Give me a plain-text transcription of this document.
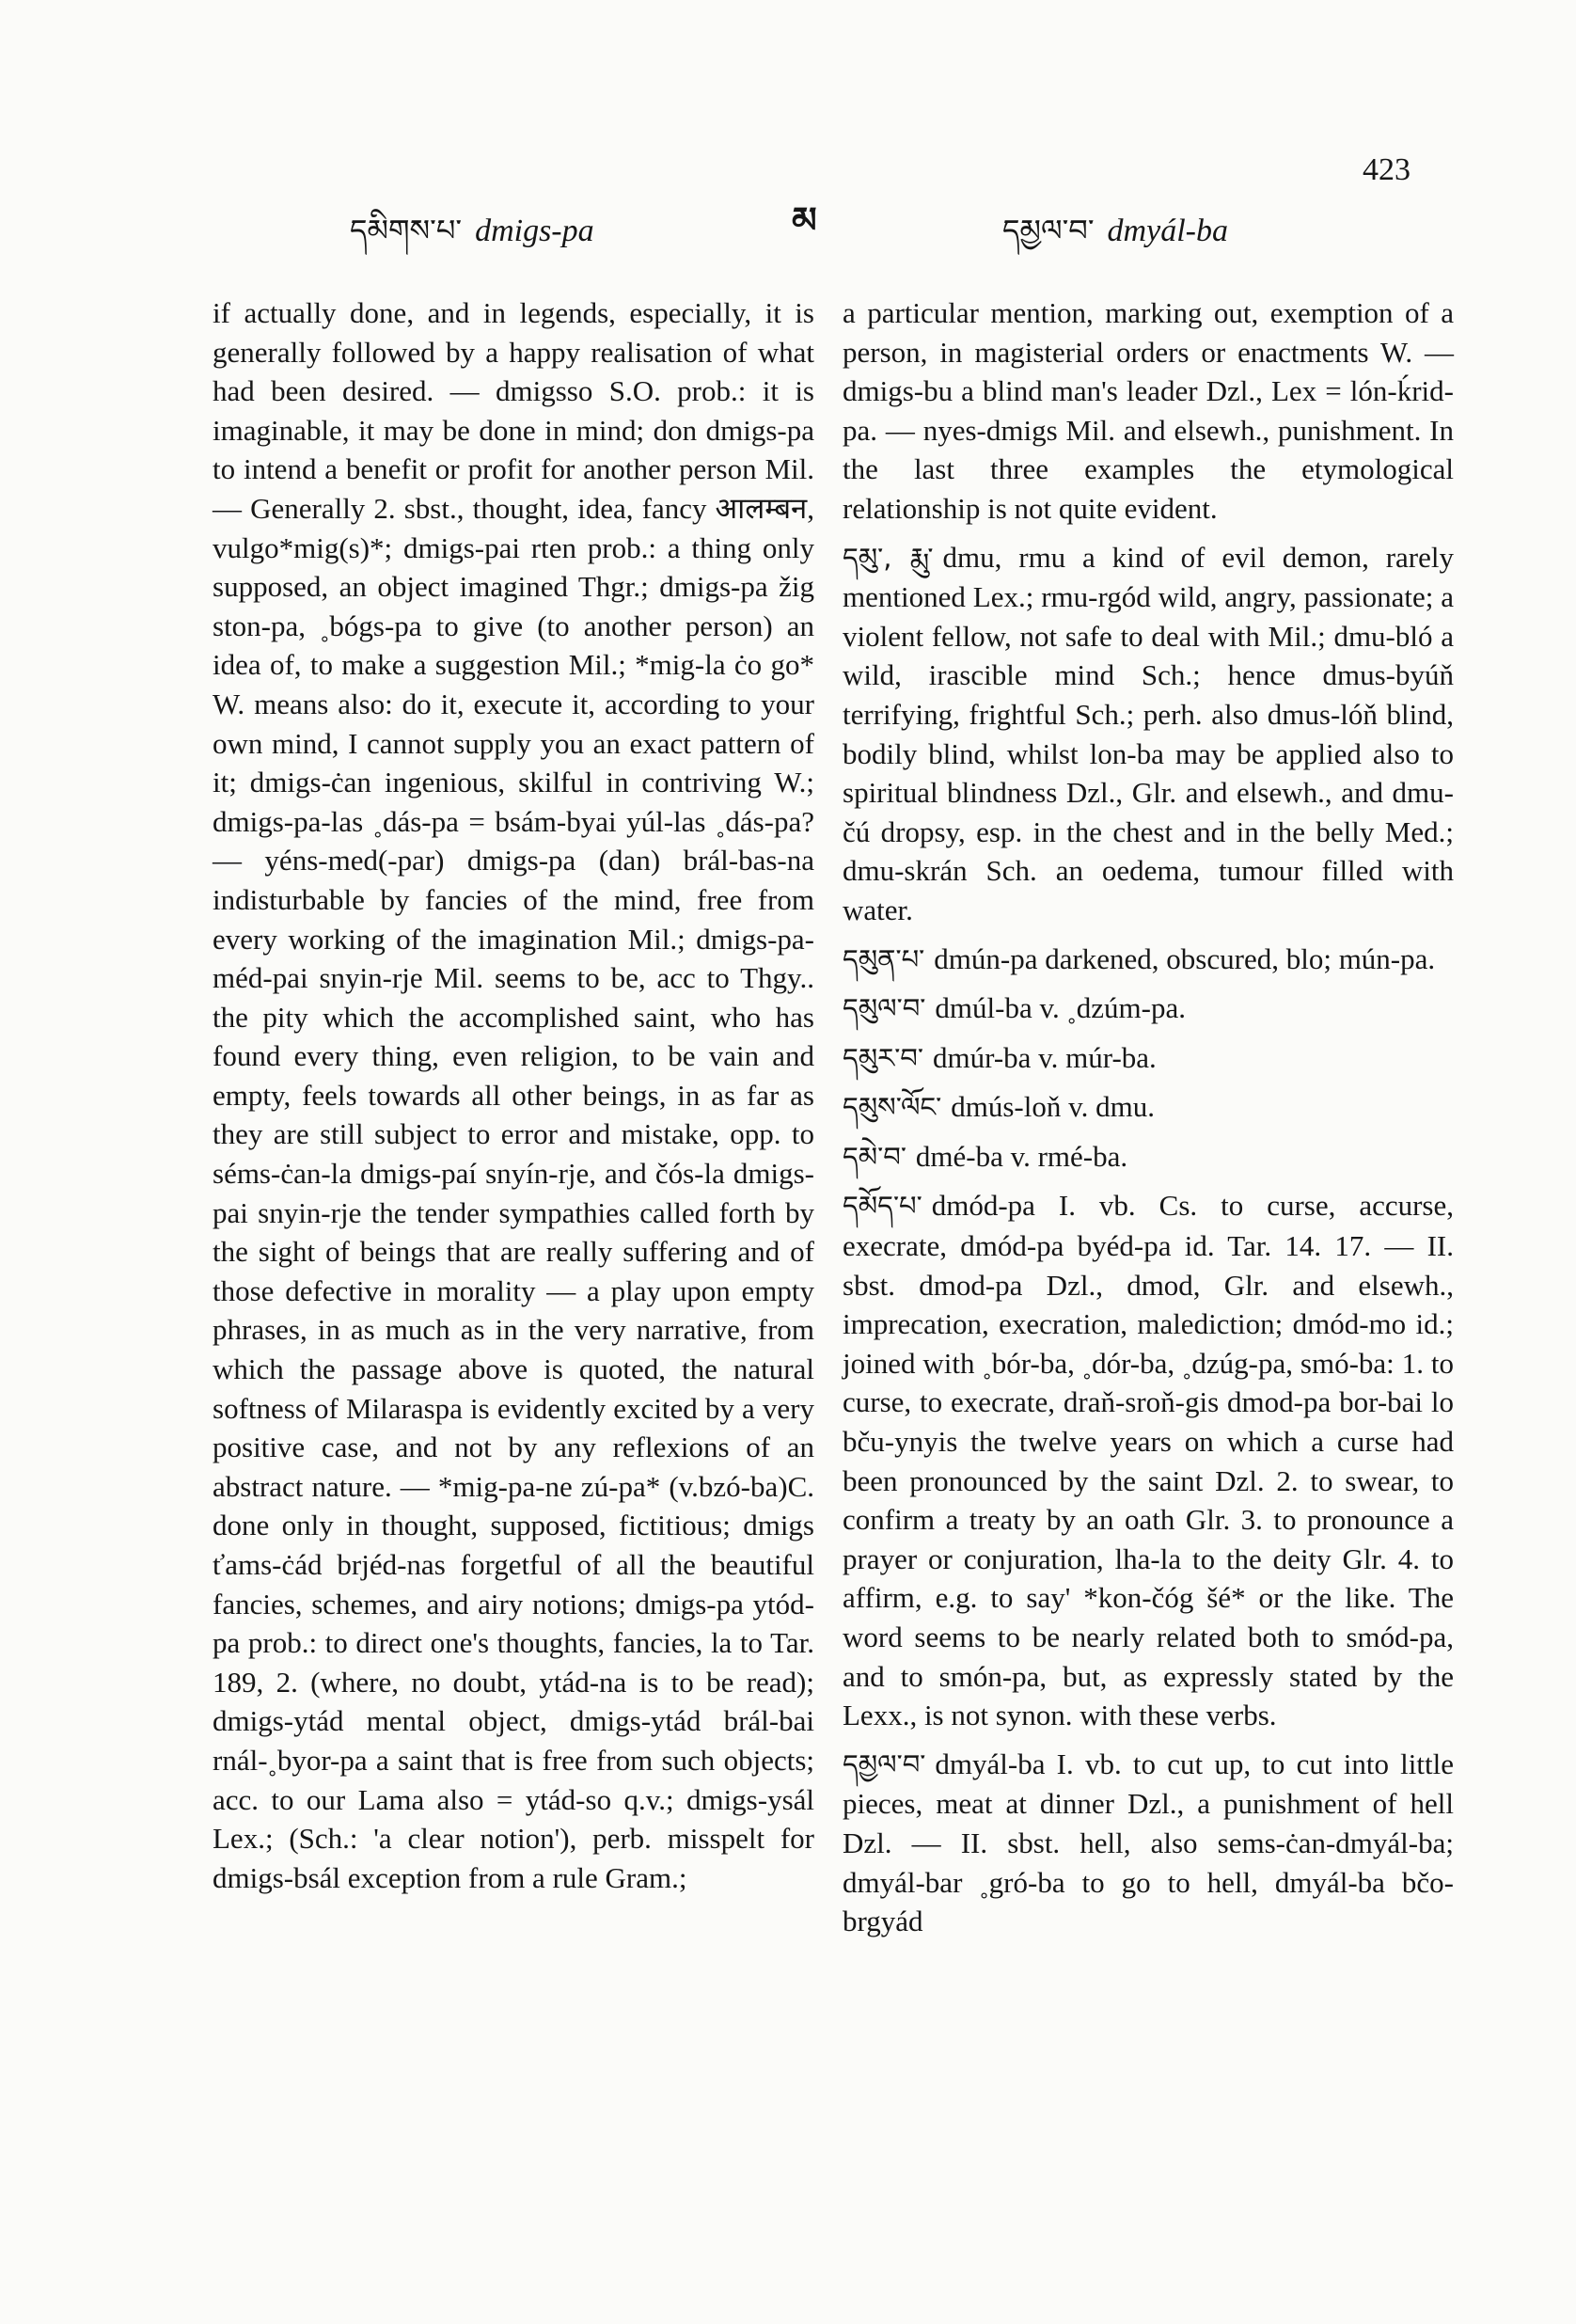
423
མ
དམིགས་པ་ dmigs-pa	དམྱལ་བ་ dmyál-ba

if actually done, and in legends, especially, it is generally followed by a happy realisation of what had been desired. — dmigsso S.O. prob.: it is imaginable, it may be done in mind; don dmigs-pa to intend a benefit or profit for another person Mil. — Generally 2. sbst., thought, idea, fancy आलम्बन, vulgo*mig(s)*; dmigs-pai rten prob.: a thing only supposed, an object imagined Thgr.; dmigs-pa žig ston-pa, ˳bógs-pa to give (to another person) an idea of, to make a suggestion Mil.; *mig-la ċo go* W. means also: do it, execute it, according to your own mind, I cannot supply you an exact pattern of it; dmigs-ċan ingenious, skilful in contriving W.; dmigs-pa-las ˳dás-pa = bsám-byai yúl-las ˳dás-pa? — yéns-med(-par) dmigs-pa (dan) brál-bas-na indisturbable by fancies of the mind, free from every working of the imagination Mil.; dmigs-pa-méd-pai snyin-rje Mil. seems to be, acc to Thgy.. the pity which the accomplished saint, who has found every thing, even religion, to be vain and empty, feels towards all other beings, in as far as they are still subject to error and mistake, opp. to séms-ċan-la dmigs-paí snyín-rje, and čós-la dmigs-pai snyin-rje the tender sympathies called forth by the sight of beings that are really suffering and of those defective in morality — a play upon empty phrases, in as much as in the very narrative, from which the passage above is quoted, the natural softness of Milaraspa is evidently excited by a very positive case, and not by any reflexions of an abstract nature. — *mig-pa-ne zú-pa* (v.bzó-ba)C. done only in thought, supposed, fictitious; dmigs ťams-ċád brjéd-nas forgetful of all the beautiful fancies, schemes, and airy notions; dmigs-pa ytód-pa prob.: to direct one's thoughts, fancies, la to Tar. 189, 2. (where, no doubt, ytád-na is to be read); dmigs-ytád mental object, dmigs-ytád brál-bai rnál-˳byor-pa a saint that is free from such objects; acc. to our Lama also = ytád-so q.v.; dmigs-ysál Lex.; (Sch.: 'a clear notion'), perb. misspelt for dmigs-bsál exception from a rule Gram.;

a particular mention, marking out, exemption of a person, in magisterial orders or enactments W. — dmigs-bu a blind man's leader Dzl., Lex = lón-ḱrid-pa. — nyes-dmigs Mil. and elsewh., punishment. In the last three examples the etymological relationship is not quite evident.

དམུ་, རྨུ་ dmu, rmu a kind of evil demon, rarely mentioned Lex.; rmu-rgód wild, angry, passionate; a violent fellow, not safe to deal with Mil.; dmu-bló a wild, irascible mind Sch.; hence dmus-byúň terrifying, frightful Sch.; perh. also dmus-lóň blind, bodily blind, whilst lon-ba may be applied also to spiritual blindness Dzl., Glr. and elsewh., and dmu-čú dropsy, esp. in the chest and in the belly Med.; dmu-skrán Sch. an oedema, tumour filled with water.

དམུན་པ་ dmún-pa darkened, obscured, blo; mún-pa.

དམུལ་བ་ dmúl-ba v. ˳dzúm-pa.

དམུར་བ་ dmúr-ba v. múr-ba.

དམུས་ལོང་ dmús-loň v. dmu.

དམེ་བ་ dmé-ba v. rmé-ba.

དམོད་པ་ dmód-pa I. vb. Cs. to curse, accurse, execrate, dmód-pa byéd-pa id. Tar. 14. 17. — II. sbst. dmod-pa Dzl., dmod, Glr. and elsewh., imprecation, execration, malediction; dmód-mo id.; joined with ˳bór-ba, ˳dór-ba, ˳dzúg-pa, smó-ba: 1. to curse, to execrate, draň-sroň-gis dmod-pa bor-bai lo bču-ynyis the twelve years on which a curse had been pronounced by the saint Dzl. 2. to swear, to confirm a treaty by an oath Glr. 3. to pronounce a prayer or conjuration, lha-la to the deity Glr. 4. to affirm, e.g. to say' *kon-čóg šé* or the like. The word seems to be nearly related both to smód-pa, and to smón-pa, but, as expressly stated by the Lexx., is not synon. with these verbs.

དམྱལ་བ་ dmyál-ba I. vb. to cut up, to cut into little pieces, meat at dinner Dzl., a punishment of hell Dzl. — II. sbst. hell, also sems-ċan-dmyál-ba; dmyál-bar ˳gró-ba to go to hell, dmyál-ba bčo-brgyád
